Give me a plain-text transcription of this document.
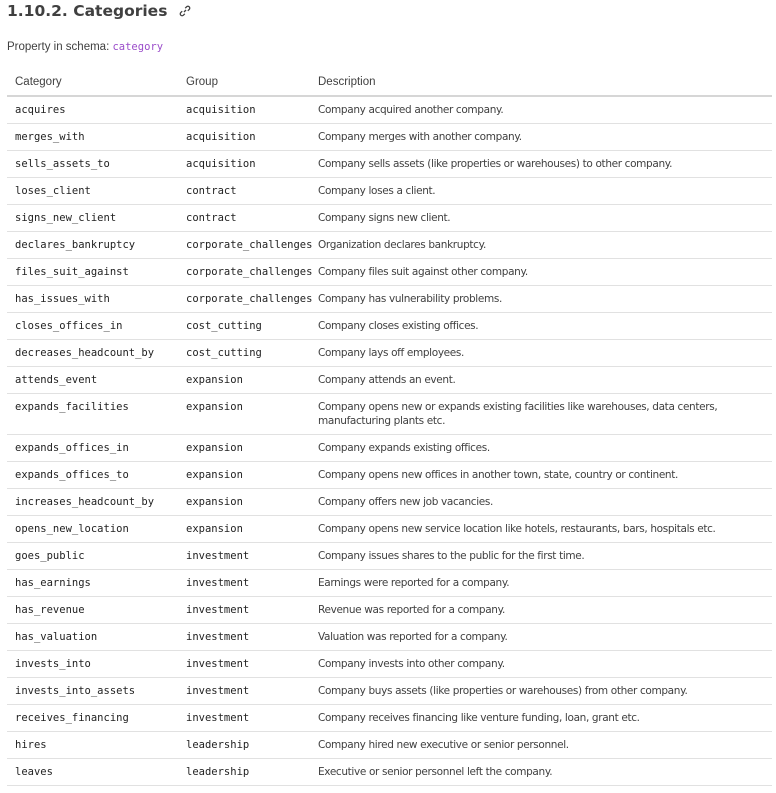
1.10.2. Categories
Property in schema: category
Category	Group	Description
acquires	acquisition	Company acquired another company.
merges_with	acquisition	Company merges with another company.
sells_assets_to	acquisition	Company sells assets (like properties or warehouses) to other company.
loses_client	contract	Company loses a client.
signs_new_client	contract	Company signs new client.
declares_bankruptcy	corporate_challenges	Organization declares bankruptcy.
files_suit_against	corporate_challenges	Company files suit against other company.
has_issues_with	corporate_challenges	Company has vulnerability problems.
closes_offices_in	cost_cutting	Company closes existing offices.
decreases_headcount_by	cost_cutting	Company lays off employees.
attends_event	expansion	Company attends an event.
expands_facilities	expansion	Company opens new or expands existing facilities like warehouses, data centers, manufacturing plants etc.
expands_offices_in	expansion	Company expands existing offices.
expands_offices_to	expansion	Company opens new offices in another town, state, country or continent.
increases_headcount_by	expansion	Company offers new job vacancies.
opens_new_location	expansion	Company opens new service location like hotels, restaurants, bars, hospitals etc.
goes_public	investment	Company issues shares to the public for the first time.
has_earnings	investment	Earnings were reported for a company.
has_revenue	investment	Revenue was reported for a company.
has_valuation	investment	Valuation was reported for a company.
invests_into	investment	Company invests into other company.
invests_into_assets	investment	Company buys assets (like properties or warehouses) from other company.
receives_financing	investment	Company receives financing like venture funding, loan, grant etc.
hires	leadership	Company hired new executive or senior personnel.
leaves	leadership	Executive or senior personnel left the company.
